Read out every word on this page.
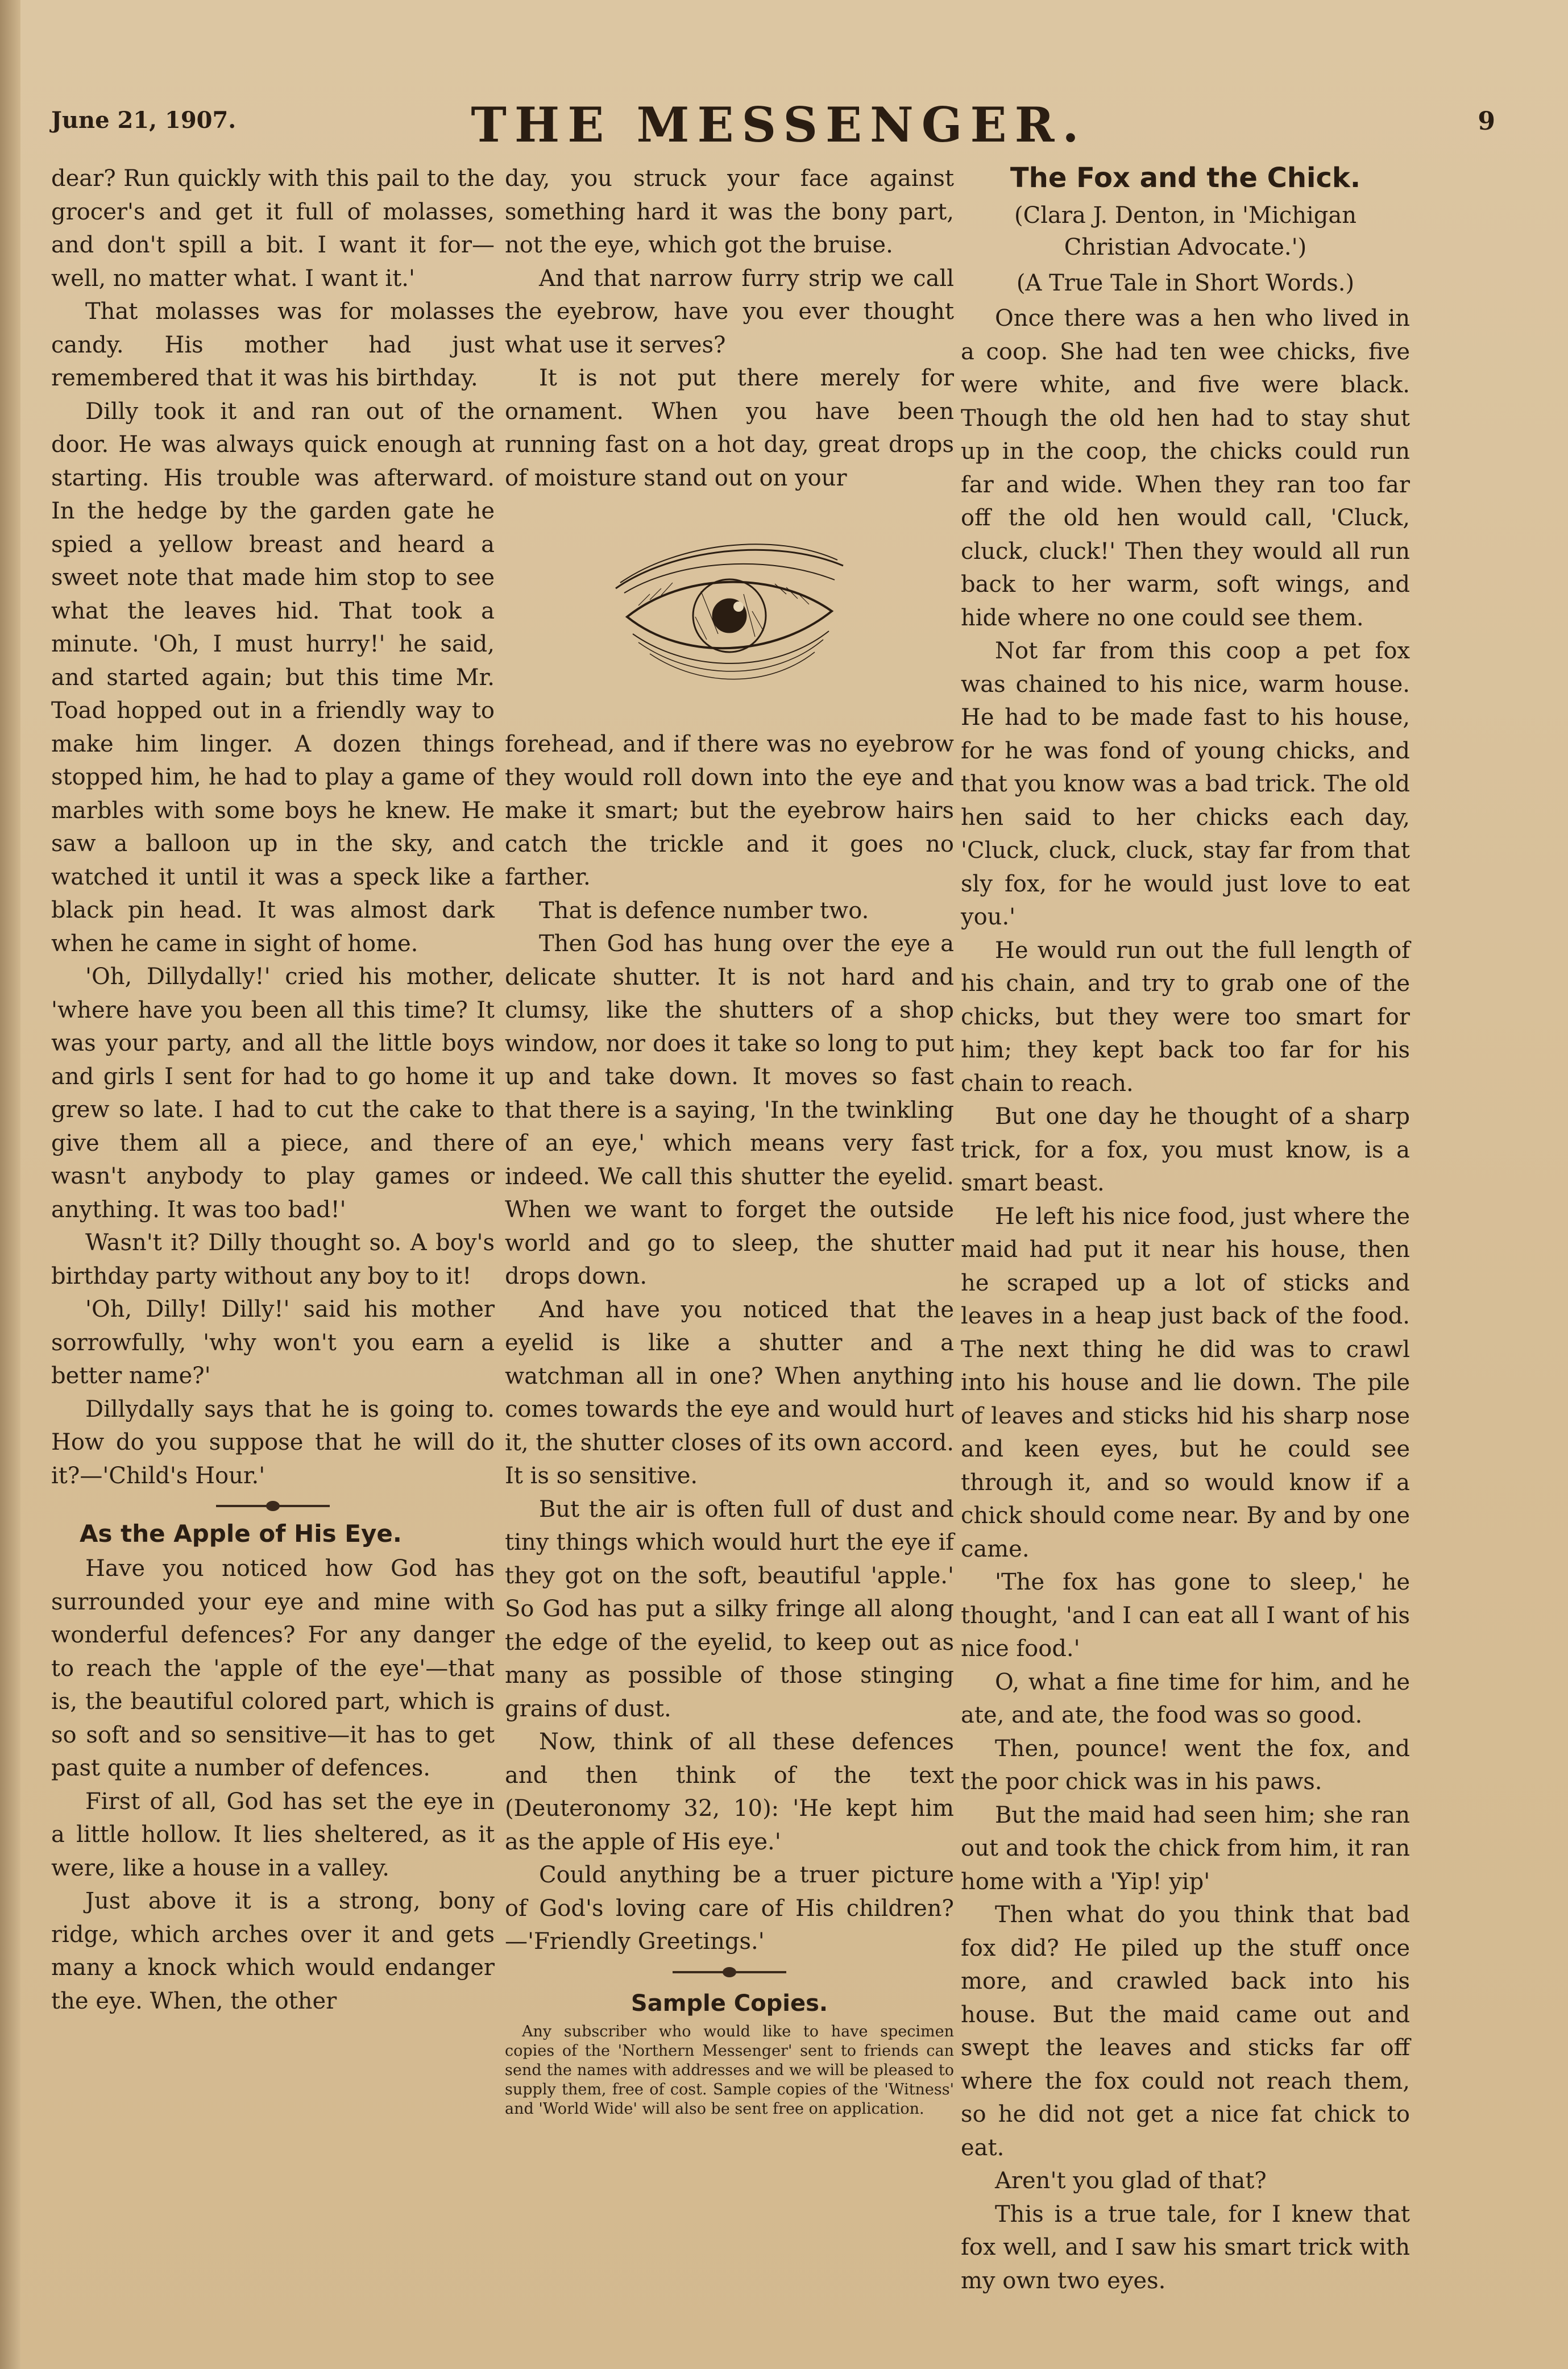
June 21, 1907.	THE MESSENGER.	9

dear? Run quickly with this pail to the grocer's and get it full of molasses, and don't spill a bit. I want it for—well, no matter what. I want it.'

That molasses was for molasses candy. His mother had just remembered that it was his birthday.

Dilly took it and ran out of the door. He was always quick enough at starting. His trouble was afterward. In the hedge by the garden gate he spied a yellow breast and heard a sweet note that made him stop to see what the leaves hid. That took a minute. 'Oh, I must hurry!' he said, and started again; but this time Mr. Toad hopped out in a friendly way to make him linger. A dozen things stopped him, he had to play a game of marbles with some boys he knew. He saw a balloon up in the sky, and watched it until it was a speck like a black pin head. It was almost dark when he came in sight of home.

'Oh, Dillydally!' cried his mother, 'where have you been all this time? It was your party, and all the little boys and girls I sent for had to go home it grew so late. I had to cut the cake to give them all a piece, and there wasn't anybody to play games or anything. It was too bad!'

Wasn't it? Dilly thought so. A boy's birthday party without any boy to it!

'Oh, Dilly! Dilly!' said his mother sorrowfully, 'why won't you earn a better name?'

Dillydally says that he is going to. How do you suppose that he will do it?—'Child's Hour.'

As the Apple of His Eye.

Have you noticed how God has surrounded your eye and mine with wonderful defences? For any danger to reach the 'apple of the eye'—that is, the beautiful colored part, which is so soft and so sensitive—it has to get past quite a number of defences.

First of all, God has set the eye in a little hollow. It lies sheltered, as it were, like a house in a valley.

Just above it is a strong, bony ridge, which arches over it and gets many a knock which would endanger the eye. When, the other

day, you struck your face against something hard it was the bony part, not the eye, which got the bruise.

And that narrow furry strip we call the eyebrow, have you ever thought what use it serves?

It is not put there merely for ornament. When you have been running fast on a hot day, great drops of moisture stand out on your

forehead, and if there was no eyebrow they would roll down into the eye and make it smart; but the eyebrow hairs catch the trickle and it goes no farther.

That is defence number two.

Then God has hung over the eye a delicate shutter. It is not hard and clumsy, like the shutters of a shop window, nor does it take so long to put up and take down. It moves so fast that there is a saying, 'In the twinkling of an eye,' which means very fast indeed. We call this shutter the eyelid. When we want to forget the outside world and go to sleep, the shutter drops down.

And have you noticed that the eyelid is like a shutter and a watchman all in one? When anything comes towards the eye and would hurt it, the shutter closes of its own accord. It is so sensitive.

But the air is often full of dust and tiny things which would hurt the eye if they got on the soft, beautiful 'apple.' So God has put a silky fringe all along the edge of the eyelid, to keep out as many as possible of those stinging grains of dust.

Now, think of all these defences and then think of the text (Deuteronomy 32, 10): 'He kept him as the apple of His eye.'

Could anything be a truer picture of God's loving care of His children?—'Friendly Greetings.'

Sample Copies.

Any subscriber who would like to have specimen copies of the 'Northern Messenger' sent to friends can send the names with addresses and we will be pleased to supply them, free of cost. Sample copies of the 'Witness' and 'World Wide' will also be sent free on application.

The Fox and the Chick.
(Clara J. Denton, in 'Michigan Christian Advocate.')
(A True Tale in Short Words.)

Once there was a hen who lived in a coop. She had ten wee chicks, five were white, and five were black. Though the old hen had to stay shut up in the coop, the chicks could run far and wide. When they ran too far off the old hen would call, 'Cluck, cluck, cluck!' Then they would all run back to her warm, soft wings, and hide where no one could see them.

Not far from this coop a pet fox was chained to his nice, warm house. He had to be made fast to his house, for he was fond of young chicks, and that you know was a bad trick. The old hen said to her chicks each day, 'Cluck, cluck, cluck, stay far from that sly fox, for he would just love to eat you.'

He would run out the full length of his chain, and try to grab one of the chicks, but they were too smart for him; they kept back too far for his chain to reach.

But one day he thought of a sharp trick, for a fox, you must know, is a smart beast.

He left his nice food, just where the maid had put it near his house, then he scraped up a lot of sticks and leaves in a heap just back of the food. The next thing he did was to crawl into his house and lie down. The pile of leaves and sticks hid his sharp nose and keen eyes, but he could see through it, and so would know if a chick should come near. By and by one came.

'The fox has gone to sleep,' he thought, 'and I can eat all I want of his nice food.'

O, what a fine time for him, and he ate, and ate, the food was so good.

Then, pounce! went the fox, and the poor chick was in his paws.

But the maid had seen him; she ran out and took the chick from him, it ran home with a 'Yip! yip'

Then what do you think that bad fox did? He piled up the stuff once more, and crawled back into his house. But the maid came out and swept the leaves and sticks far off where the fox could not reach them, so he did not get a nice fat chick to eat.

Aren't you glad of that?

This is a true tale, for I knew that fox well, and I saw his smart trick with my own two eyes.
